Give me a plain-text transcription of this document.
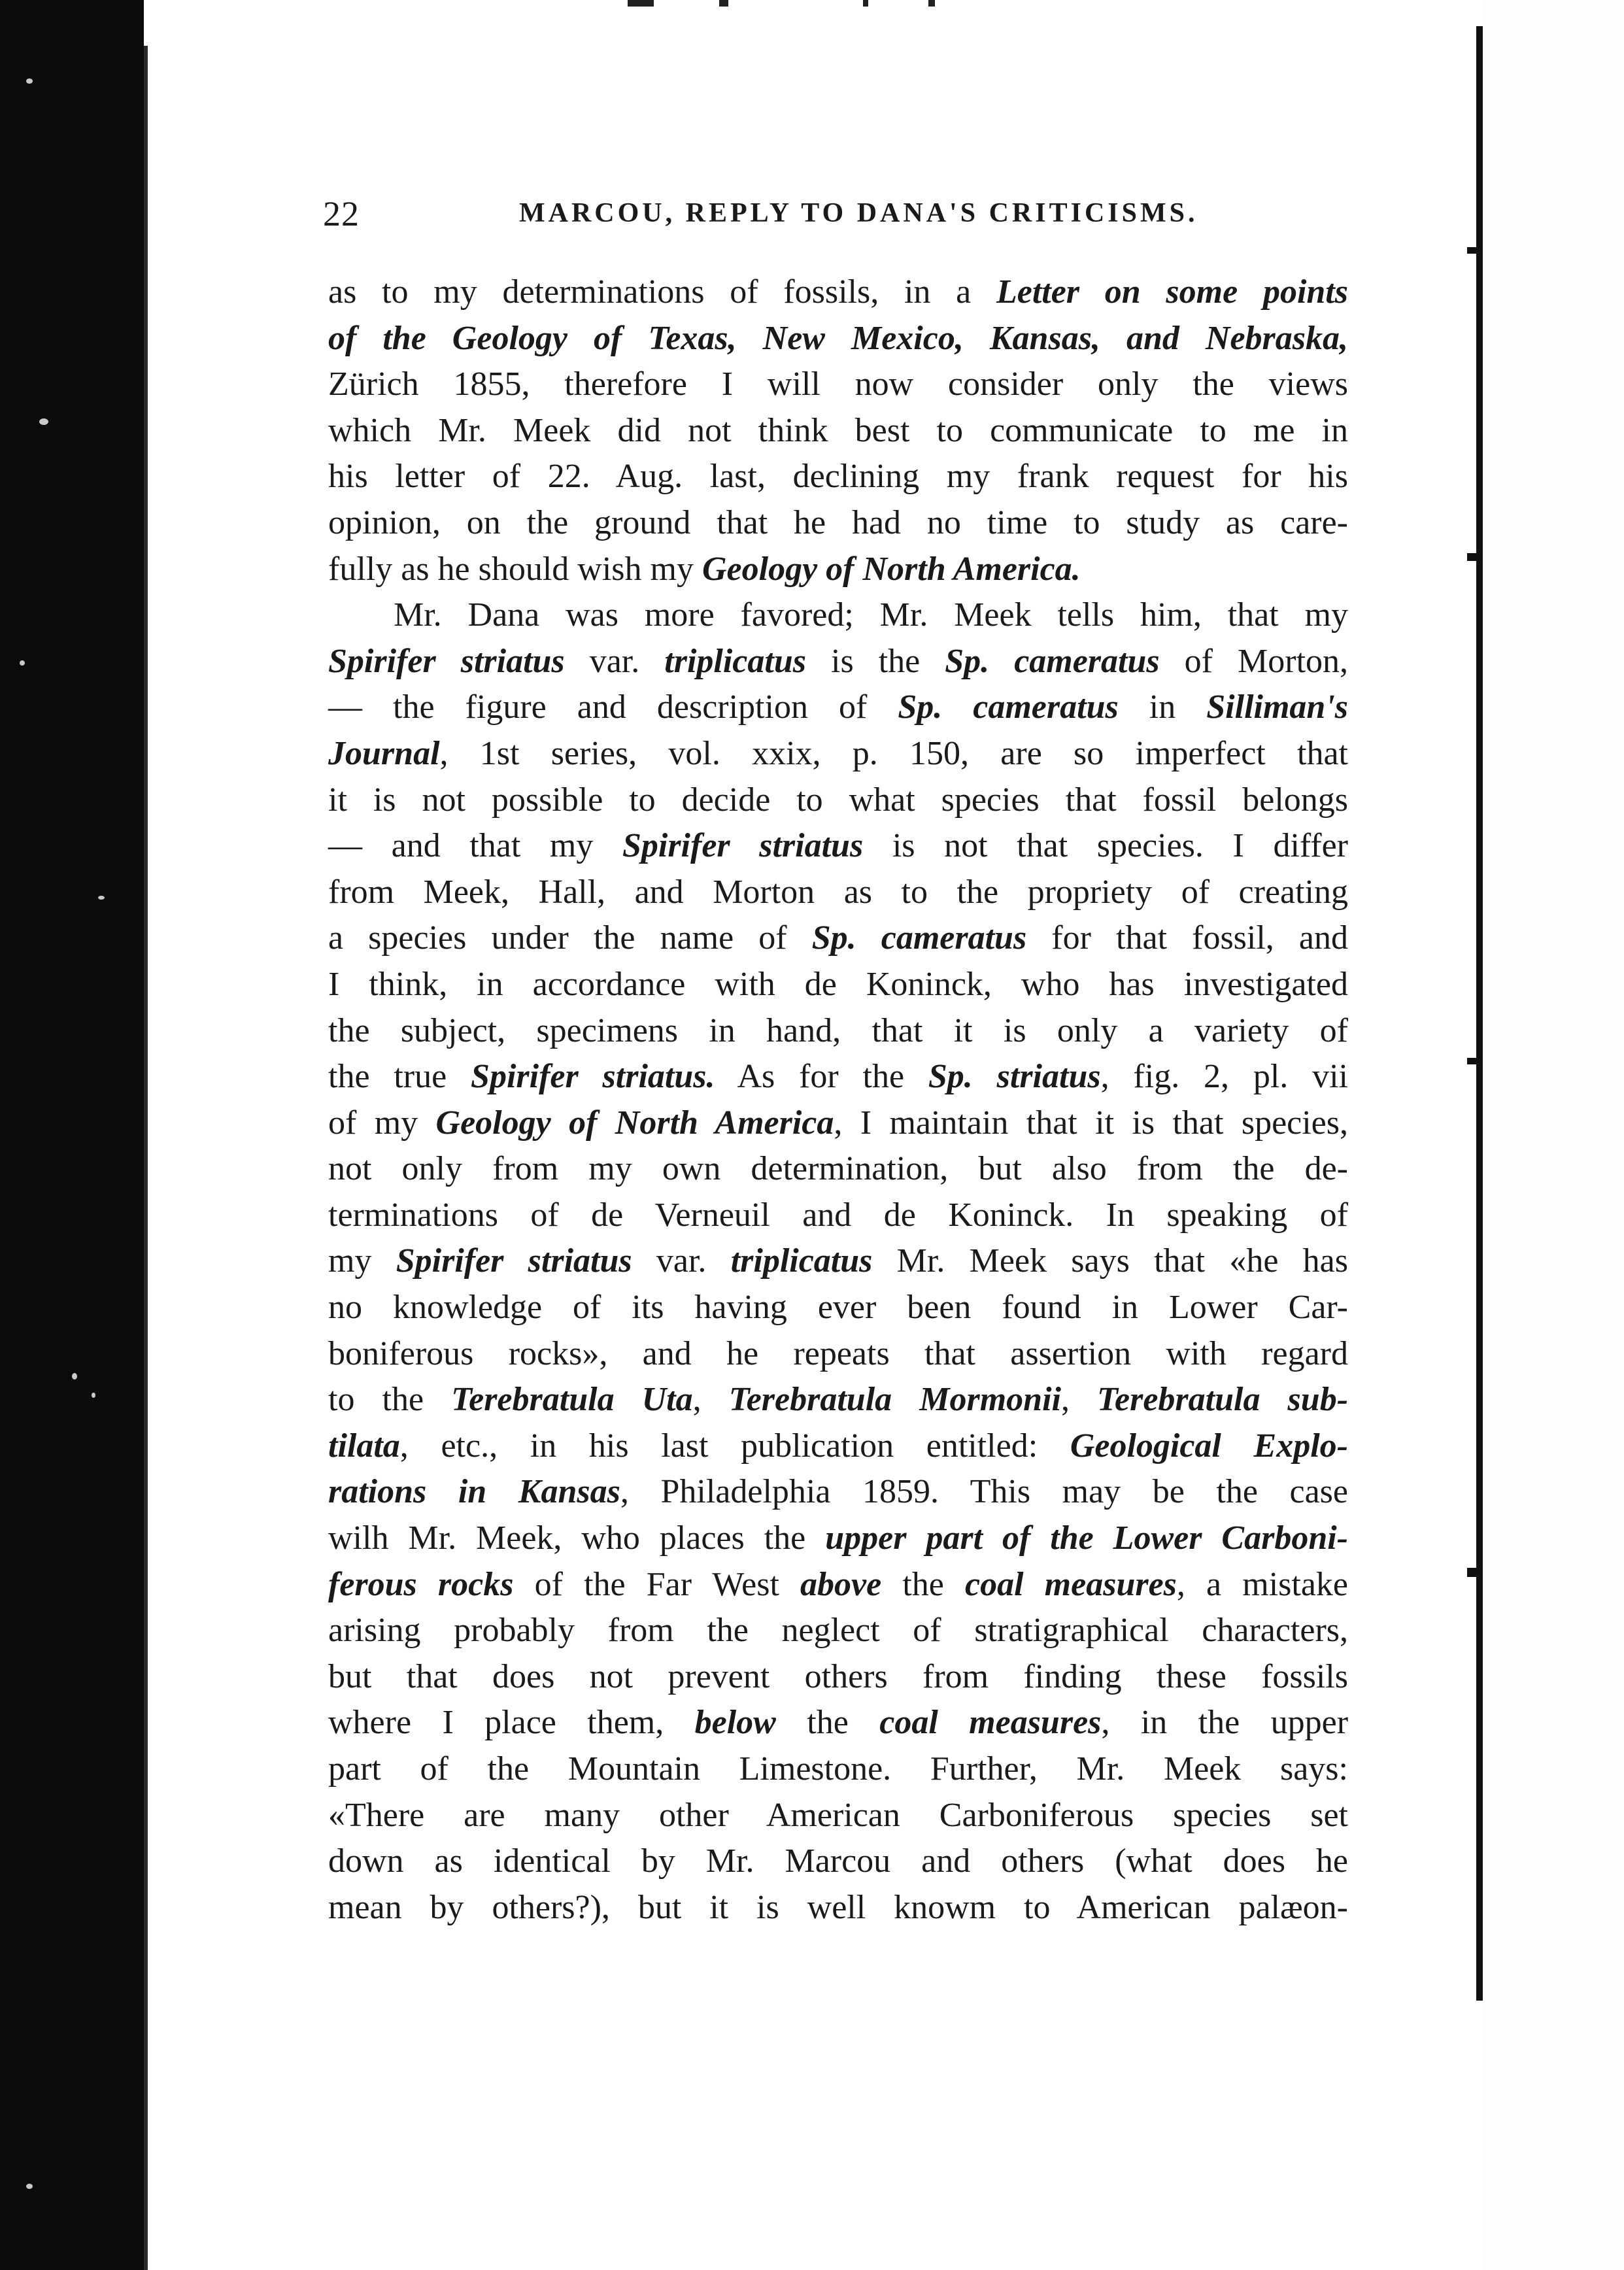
22	MARCOU, REPLY TO DANA'S CRITICISMS.
as to my determinations of fossils, in a Letter on some points
of the Geology of Texas, New Mexico, Kansas, and Nebraska,
Zürich 1855, therefore I will now consider only the views
which Mr. Meek did not think best to communicate to me in
his letter of 22. Aug. last, declining my frank request for his
opinion, on the ground that he had no time to study as care-
fully as he should wish my Geology of North America.
Mr. Dana was more favored; Mr. Meek tells him, that my
Spirifer striatus var. triplicatus is the Sp. cameratus of Morton,
— the figure and description of Sp. cameratus in Silliman's
Journal, 1st series, vol. xxix, p. 150, are so imperfect that
it is not possible to decide to what species that fossil belongs
— and that my Spirifer striatus is not that species. I differ
from Meek, Hall, and Morton as to the propriety of creating
a species under the name of Sp. cameratus for that fossil, and
I think, in accordance with de Koninck, who has investigated
the subject, specimens in hand, that it is only a variety of
the true Spirifer striatus. As for the Sp. striatus, fig. 2, pl. vii
of my Geology of North America, I maintain that it is that species,
not only from my own determination, but also from the de-
terminations of de Verneuil and de Koninck. In speaking of
my Spirifer striatus var. triplicatus Mr. Meek says that «he has
no knowledge of its having ever been found in Lower Car-
boniferous rocks», and he repeats that assertion with regard
to the Terebratula Uta, Terebratula Mormonii, Terebratula sub-
tilata, etc., in his last publication entitled: Geological Explo-
rations in Kansas, Philadelphia 1859. This may be the case
wilh Mr. Meek, who places the upper part of the Lower Carboni-
ferous rocks of the Far West above the coal measures, a mistake
arising probably from the neglect of stratigraphical characters,
but that does not prevent others from finding these fossils
where I place them, below the coal measures, in the upper
part of the Mountain Limestone. Further, Mr. Meek says:
«There are many other American Carboniferous species set
down as identical by Mr. Marcou and others (what does he
mean by others?), but it is well knowm to American palæon-
